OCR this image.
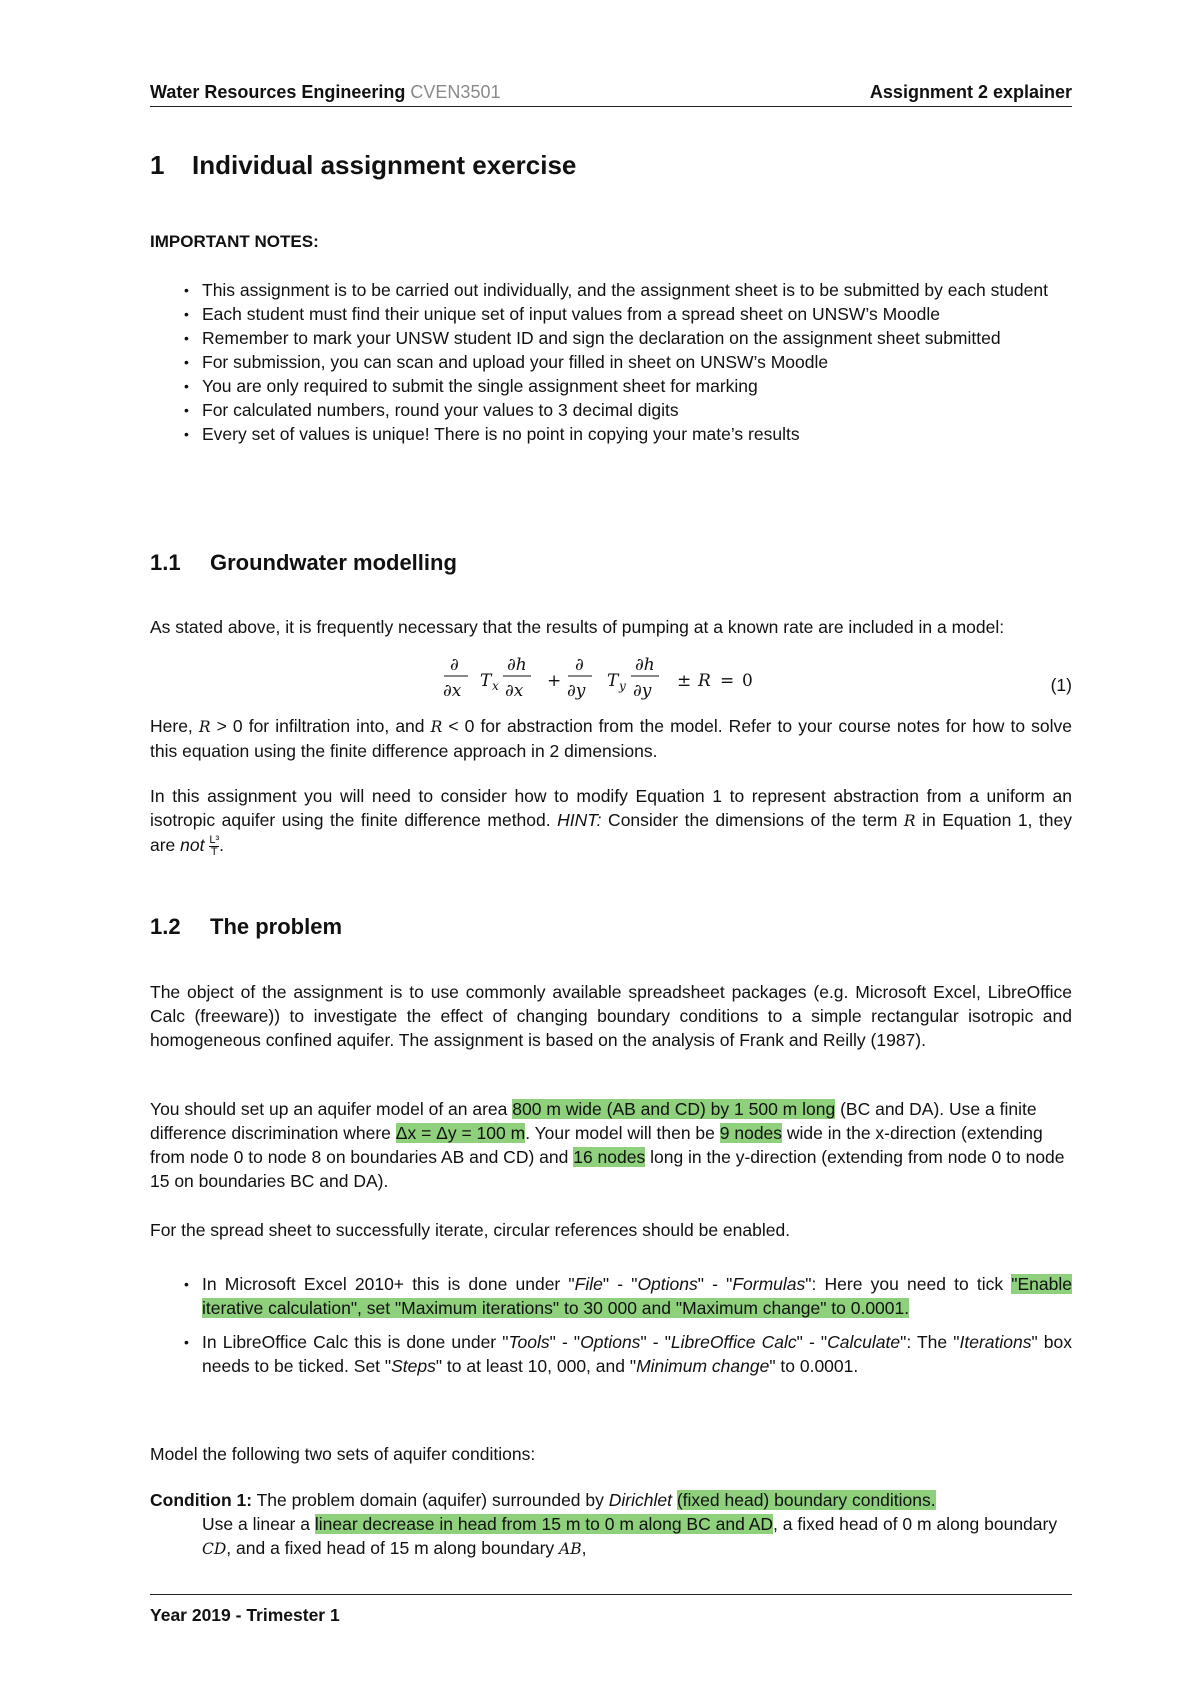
Water Resources Engineering CVEN3501	Assignment 2 explainer
1 Individual assignment exercise
IMPORTANT NOTES:
• This assignment is to be carried out individually, and the assignment sheet is to be submitted by each student
• Each student must find their unique set of input values from a spread sheet on UNSW’s Moodle
• Remember to mark your UNSW student ID and sign the declaration on the assignment sheet submitted
• For submission, you can scan and upload your filled in sheet on UNSW’s Moodle
• You are only required to submit the single assignment sheet for marking
• For calculated numbers, round your values to 3 decimal digits
• Every set of values is unique! There is no point in copying your mate’s results
1.1 Groundwater modelling
As stated above, it is frequently necessary that the results of pumping at a known rate are included in a model:
∂
∂x T x
∂h
∂x +
∂
∂y T y
∂h
∂y ± R = 0	(1)
Here, R > 0 for infiltration into, and R < 0 for abstraction from the model. Refer to your course notes for how to solve this equation using the finite difference approach in 2 dimensions.
In this assignment you will need to consider how to modify Equation 1 to represent abstraction from a uniform an isotropic aquifer using the finite difference method. HINT: Consider the dimensions of the term R in Equation 1, they are not $\frac{\text{L³}}{T}$ .
1.2 The problem
The object of the assignment is to use commonly available spreadsheet packages (e.g. Microsoft Excel, LibreOffice Calc (freeware)) to investigate the effect of changing boundary conditions to a simple rectangular isotropic and homogeneous confined aquifer. The assignment is based on the analysis of Frank and Reilly (1987).
You should set up an aquifer model of an area 800 m wide (AB and CD) by 1 500 m long (BC and DA). Use a finite difference discrimination where Δx = Δy = 100 m. Your model will then be 9 nodes wide in the x-direction (extending from node 0 to node 8 on boundaries AB and CD) and 16 nodes long in the y-direction (extending from node 0 to node 15 on boundaries BC and DA).
For the spread sheet to successfully iterate, circular references should be enabled.
• In Microsoft Excel 2010+ this is done under "File" - "Options" - "Formulas": Here you need to tick "Enable iterative calculation", set "Maximum iterations" to 30 000 and "Maximum change" to 0.0001.
• In LibreOffice Calc this is done under "Tools" - "Options" - "LibreOffice Calc" - "Calculate": The "Iterations" box needs to be ticked. Set "Steps" to at least 10, 000, and "Minimum change" to 0.0001.
Model the following two sets of aquifer conditions:
Condition 1: The problem domain (aquifer) surrounded by Dirichlet (fixed head) boundary conditions.
Use a linear a linear decrease in head from 15 m to 0 m along BC and AD, a fixed head of 0 m along boundary CD, and a fixed head of 15 m along boundary AB,
Year 2019 - Trimester 1
